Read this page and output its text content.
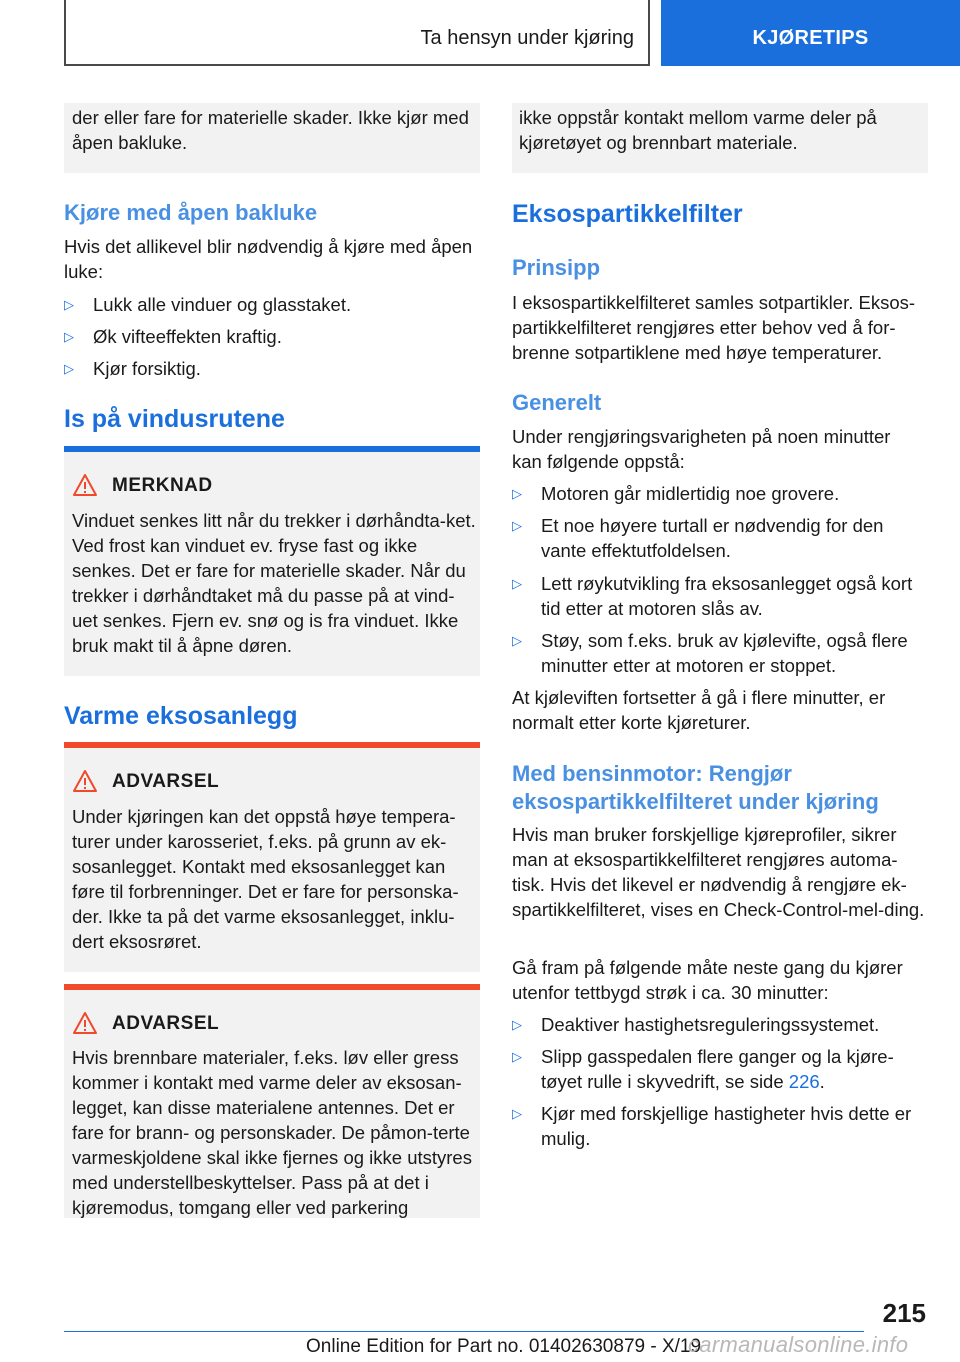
Ta hensyn under kjøring	KJØRETIPS
der eller fare for materielle skader. Ikke kjør med åpen bakluke.
Kjøre med åpen bakluke
Hvis det allikevel blir nødvendig å kjøre med åpen luke:
▷ Lukk alle vinduer og glasstaket.
▷ Øk vifteeffekten kraftig.
▷ Kjør forsiktig.
Is på vindusrutene
MERKNAD
Vinduet senkes litt når du trekker i dørhåndta-ket. Ved frost kan vinduet ev. fryse fast og ikke senkes. Det er fare for materielle skader. Når du trekker i dørhåndtaket må du passe på at vind-uet senkes. Fjern ev. snø og is fra vinduet. Ikke bruk makt til å åpne døren.
Varme eksosanlegg
ADVARSEL
Under kjøringen kan det oppstå høye tempera-turer under karosseriet, f.eks. på grunn av ek-sosanlegget. Kontakt med eksosanlegget kan føre til forbrenninger. Det er fare for personska-der. Ikke ta på det varme eksosanlegget, inklu-dert eksosrøret.
ADVARSEL
Hvis brennbare materialer, f.eks. løv eller gress kommer i kontakt med varme deler av eksosan-legget, kan disse materialene antennes. Det er fare for brann- og personskader. De påmon-terte varmeskjoldene skal ikke fjernes og ikke utstyres med understellbeskyttelser. Pass på at det i kjøremodus, tomgang eller ved parkering
ikke oppstår kontakt mellom varme deler på kjøretøyet og brennbart materiale.
Eksospartikkelfilter
Prinsipp
I eksospartikkelfilteret samles sotpartikler. Eksos-partikkelfilteret rengjøres etter behov ved å for-brenne sotpartiklene med høye temperaturer.
Generelt
Under rengjøringsvarigheten på noen minutter kan følgende oppstå:
▷ Motoren går midlertidig noe grovere.
▷ Et noe høyere turtall er nødvendig for den vante effektutfoldelsen.
▷ Lett røykutvikling fra eksosanlegget også kort tid etter at motoren slås av.
▷ Støy, som f.eks. bruk av kjølevifte, også flere minutter etter at motoren er stoppet.
At kjøleviften fortsetter å gå i flere minutter, er normalt etter korte kjøreturer.
Med bensinmotor: Rengjør
eksospartikkelfilteret under kjøring
Hvis man bruker forskjellige kjøreprofiler, sikrer man at eksospartikkelfilteret rengjøres automa-tisk. Hvis det likevel er nødvendig å rengjøre ek-spartikkelfilteret, vises en Check-Control-mel-ding.
Gå fram på følgende måte neste gang du kjører utenfor tettbygd strøk i ca. 30 minutter:
▷ Deaktiver hastighetsreguleringssystemet.
▷ Slipp gasspedalen flere ganger og la kjøre-tøyet rulle i skyvedrift, se side 226.
▷ Kjør med forskjellige hastigheter hvis dette er mulig.
215
Online Edition for Part no. 01402630879 - X/19
carmanualsonline.info
